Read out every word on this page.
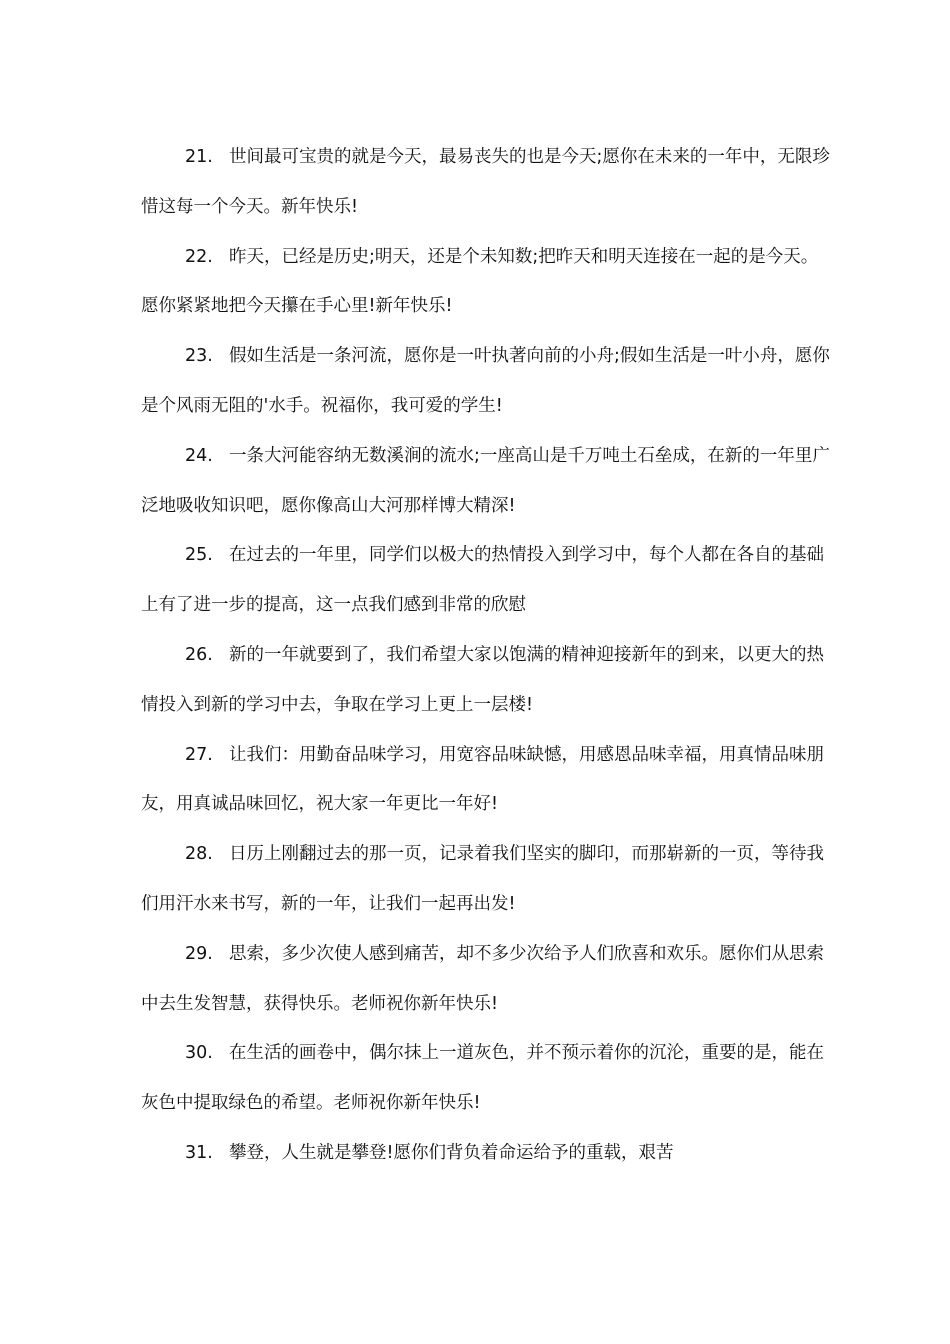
21. 世间最可宝贵的就是今天，最易丧失的也是今天;愿你在未来的一年中，无限珍惜这每一个今天。新年快乐!

22. 昨天，已经是历史;明天，还是个未知数;把昨天和明天连接在一起的是今天。愿你紧紧地把今天攥在手心里!新年快乐!

23. 假如生活是一条河流，愿你是一叶执著向前的小舟;假如生活是一叶小舟，愿你是个风雨无阻的'水手。祝福你，我可爱的学生!

24. 一条大河能容纳无数溪涧的流水;一座高山是千万吨土石垒成，在新的一年里广泛地吸收知识吧，愿你像高山大河那样博大精深!

25. 在过去的一年里，同学们以极大的热情投入到学习中，每个人都在各自的基础上有了进一步的提高，这一点我们感到非常的欣慰

26. 新的一年就要到了，我们希望大家以饱满的精神迎接新年的到来，以更大的热情投入到新的学习中去，争取在学习上更上一层楼!

27. 让我们：用勤奋品味学习，用宽容品味缺憾，用感恩品味幸福，用真情品味朋友，用真诚品味回忆，祝大家一年更比一年好!

28. 日历上刚翻过去的那一页，记录着我们坚实的脚印，而那崭新的一页，等待我们用汗水来书写，新的一年，让我们一起再出发!

29. 思索，多少次使人感到痛苦，却不多少次给予人们欣喜和欢乐。愿你们从思索中去生发智慧，获得快乐。老师祝你新年快乐!

30. 在生活的画卷中，偶尔抹上一道灰色，并不预示着你的沉沦，重要的是，能在灰色中提取绿色的希望。老师祝你新年快乐!

31. 攀登，人生就是攀登!愿你们背负着命运给予的重载，艰苦
